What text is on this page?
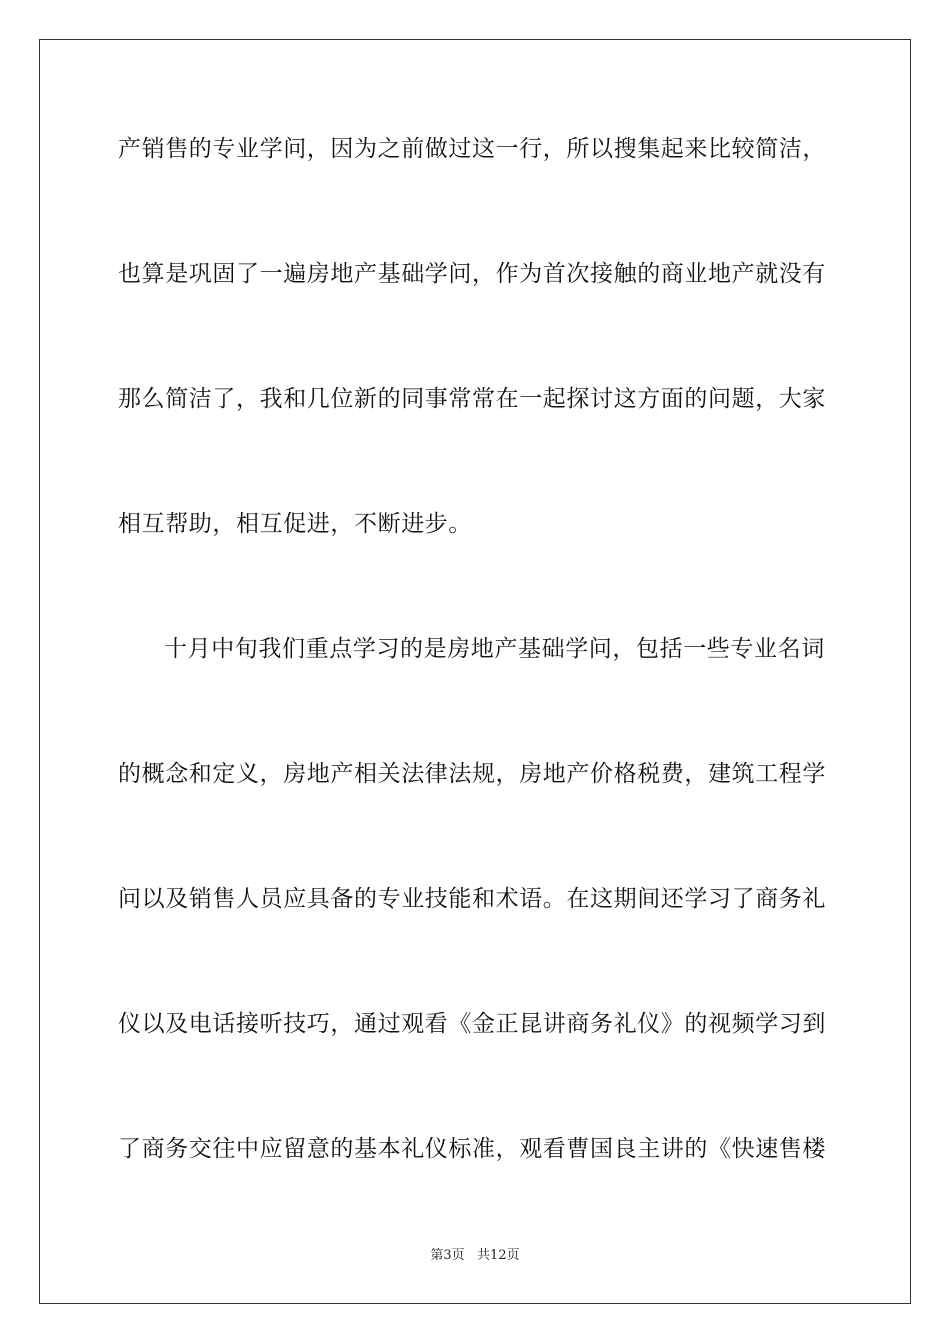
产销售的专业学问，因为之前做过这一行，所以搜集起来比较简洁，
也算是巩固了一遍房地产基础学问，作为首次接触的商业地产就没有
那么简洁了，我和几位新的同事常常在一起探讨这方面的问题，大家
相互帮助，相互促进，不断进步。
十月中旬我们重点学习的是房地产基础学问，包括一些专业名词
的概念和定义，房地产相关法律法规，房地产价格税费，建筑工程学
问以及销售人员应具备的专业技能和术语。在这期间还学习了商务礼
仪以及电话接听技巧，通过观看《金正昆讲商务礼仪》的视频学习到
了商务交往中应留意的基本礼仪标准，观看曹国良主讲的《快速售楼
第3页   共12页
